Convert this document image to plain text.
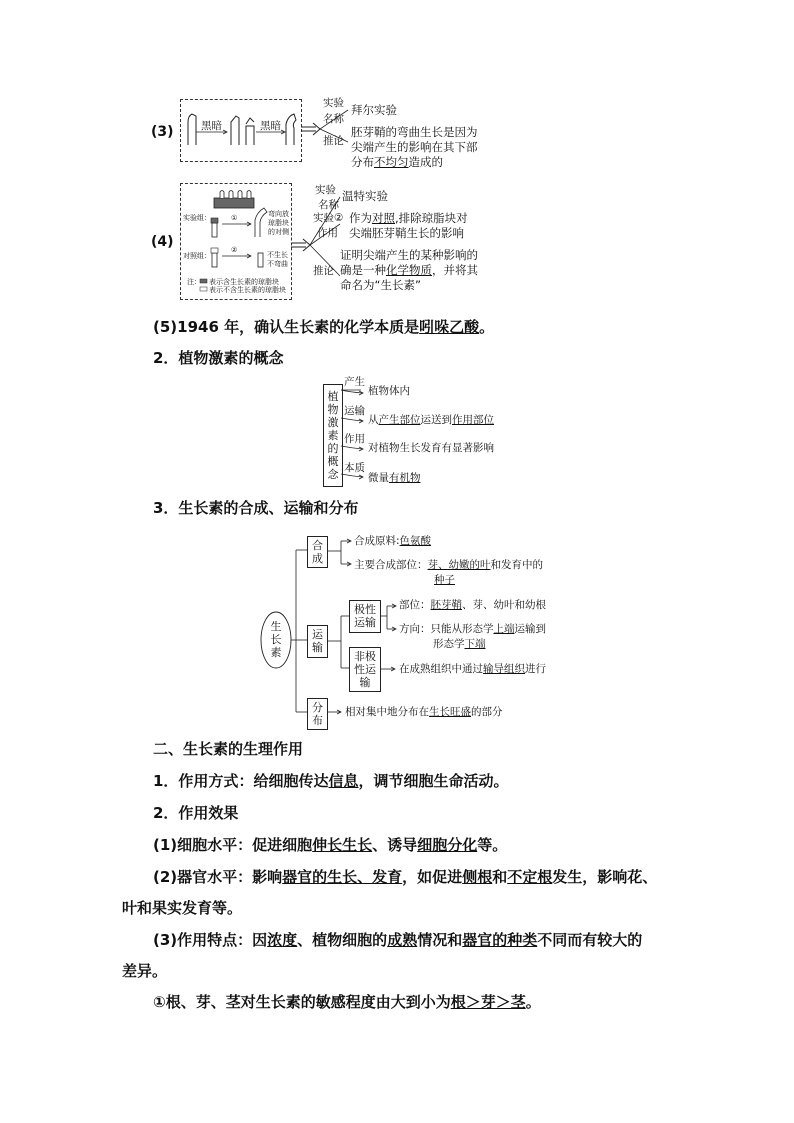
(3)	黑暗	黑暗
实验
名称
拜尔实验
推论
胚芽鞘的弯曲生长是因为
尖端产生的影响在其下部
分布不均匀造成的
(4)
实验组：
对照组：
①
②
弯向放
琼脂块
的对侧
不生长
不弯曲
注： 表示含生长素的琼脂块
表示不含生长素的琼脂块
实验
名称
温特实验
实验②
作用
作为对照,排除琼脂块对
尖端胚芽鞘生长的影响
推论
证明尖端产生的某种影响的
确是一种化学物质，并将其
命名为“生长素”
(5)1946 年，确认生长素的化学本质是吲哚乙酸。
2．植物激素的概念
植
物
激
素
的
概
念
产生
植物体内
运输
从产生部位运送到作用部位
作用
对植物生长发育有显著影响
本质
微量有机物
3．生长素的合成、运输和分布
生
长
素
合
成
合成原料:色氨酸
主要合成部位：芽、幼嫩的叶和发育中的
种子
运
输
极性
运输
部位：胚芽鞘、芽、幼叶和幼根
方向：只能从形态学上端运输到
形态学下端
非极
性运
输
在成熟组织中通过输导组织进行
分
布
相对集中地分布在生长旺盛的部分
二、生长素的生理作用
1．作用方式：给细胞传达信息，调节细胞生命活动。
2．作用效果
(1)细胞水平：促进细胞伸长生长、诱导细胞分化等。
(2)器官水平：影响器官的生长、发育，如促进侧根和不定根发生，影响花、
叶和果实发育等。
(3)作用特点：因浓度、植物细胞的成熟情况和器官的种类不同而有较大的
差异。
①根、芽、茎对生长素的敏感程度由大到小为根＞芽＞茎。
